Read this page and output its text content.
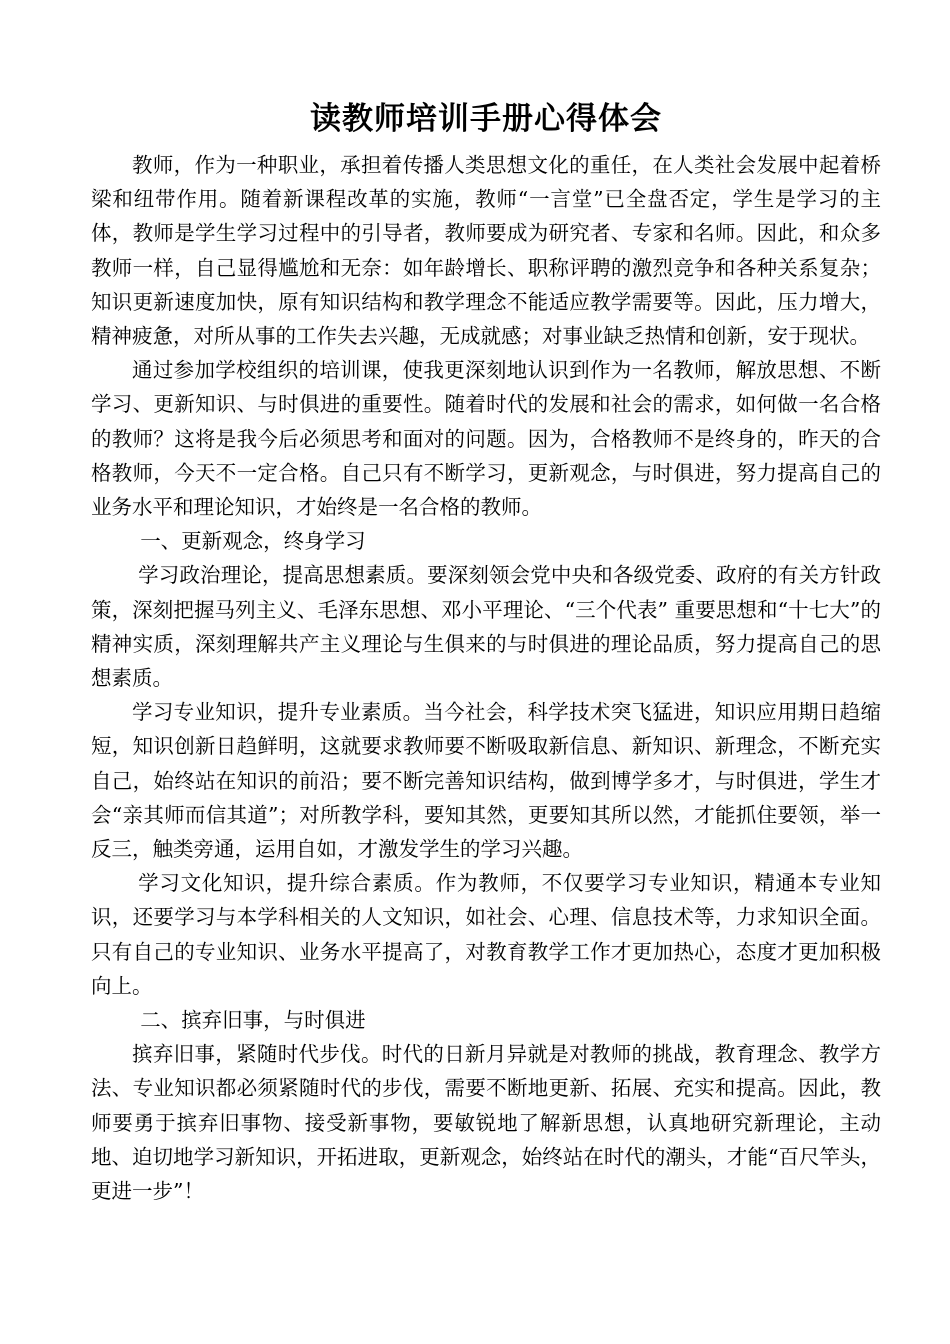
读教师培训手册心得体会

教师，作为一种职业，承担着传播人类思想文化的重任，在人类社会发展中起着桥梁和纽带作用。随着新课程改革的实施，教师“一言堂”已全盘否定，学生是学习的主体，教师是学生学习过程中的引导者，教师要成为研究者、专家和名师。因此，和众多教师一样，自己显得尴尬和无奈：如年龄增长、职称评聘的激烈竞争和各种关系复杂；知识更新速度加快，原有知识结构和教学理念不能适应教学需要等。因此，压力增大，精神疲惫，对所从事的工作失去兴趣，无成就感；对事业缺乏热情和创新，安于现状。

通过参加学校组织的培训课，使我更深刻地认识到作为一名教师，解放思想、不断学习、更新知识、与时俱进的重要性。随着时代的发展和社会的需求，如何做一名合格的教师？这将是我今后必须思考和面对的问题。因为，合格教师不是终身的，昨天的合格教师，今天不一定合格。自己只有不断学习，更新观念，与时俱进，努力提高自己的业务水平和理论知识，才始终是一名合格的教师。

一、更新观念，终身学习

学习政治理论，提高思想素质。要深刻领会党中央和各级党委、政府的有关方针政策，深刻把握马列主义、毛泽东思想、邓小平理论、“三个代表” 重要思想和“十七大”的精神实质，深刻理解共产主义理论与生俱来的与时俱进的理论品质，努力提高自己的思想素质。

学习专业知识，提升专业素质。当今社会，科学技术突飞猛进，知识应用期日趋缩短，知识创新日趋鲜明，这就要求教师要不断吸取新信息、新知识、新理念，不断充实自己，始终站在知识的前沿；要不断完善知识结构，做到博学多才，与时俱进，学生才会“亲其师而信其道”；对所教学科，要知其然，更要知其所以然，才能抓住要领，举一反三，触类旁通，运用自如，才激发学生的学习兴趣。

学习文化知识，提升综合素质。作为教师，不仅要学习专业知识，精通本专业知识，还要学习与本学科相关的人文知识，如社会、心理、信息技术等，力求知识全面。只有自己的专业知识、业务水平提高了，对教育教学工作才更加热心，态度才更加积极向上。

二、摈弃旧事，与时俱进

摈弃旧事，紧随时代步伐。时代的日新月异就是对教师的挑战，教育理念、教学方法、专业知识都必须紧随时代的步伐，需要不断地更新、拓展、充实和提高。因此，教师要勇于摈弃旧事物、接受新事物，要敏锐地了解新思想，认真地研究新理论，主动地、迫切地学习新知识，开拓进取，更新观念，始终站在时代的潮头，才能“百尺竿头，更进一步”！
